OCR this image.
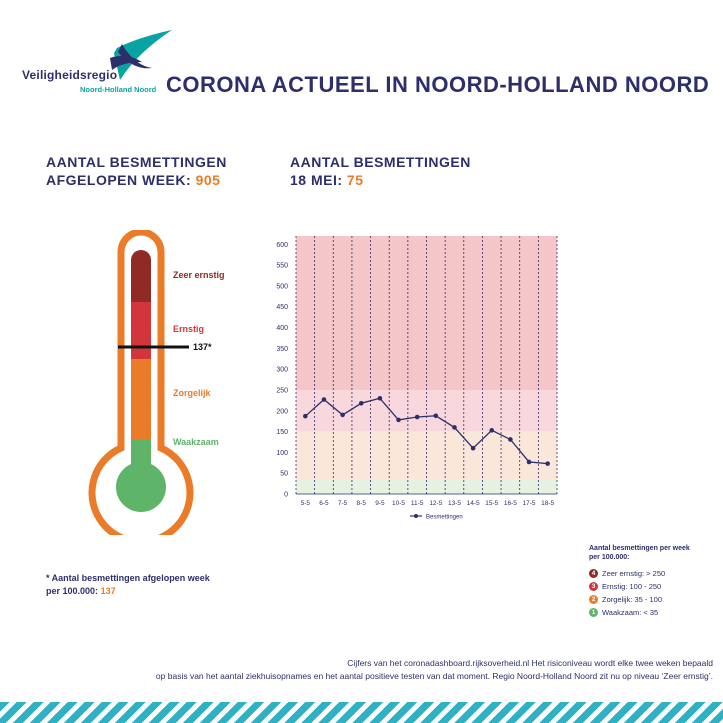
Veiligheidsregio
Noord-Holland Noord CORONA ACTUEEL IN NOORD-HOLLAND NOORD
AANTAL BESMETTINGEN
AFGELOPEN WEEK: 905
AANTAL BESMETTINGEN
18 MEI: 75
Zeer ernstig
Ernstig
Zorgelijk
Waakzaam
137*
* Aantal besmettingen afgelopen week
per 100.000: 137
0
50
100
150
200
250
300
350
400
450
500
550
600
5-5 6-5 7-5 8-5 9-5 10-5 11-5 12-5 13-5 14-5 15-5 16-5 17-5 18-5
Besmettingen
Aantal besmettingen per week
per 100.000:
4 Zeer ernstig: > 250
3 Ernstig: 100 - 250
2 Zorgelijk: 35 - 100
1 Waakzaam: < 35
Cijfers van het coronadashboard.rijksoverheid.nl Het risiconiveau wordt elke twee weken bepaald
op basis van het aantal ziekhuisopnames en het aantal positieve testen van dat moment. Regio Noord-Holland Noord zit nu op niveau ‘Zeer ernstig’.
